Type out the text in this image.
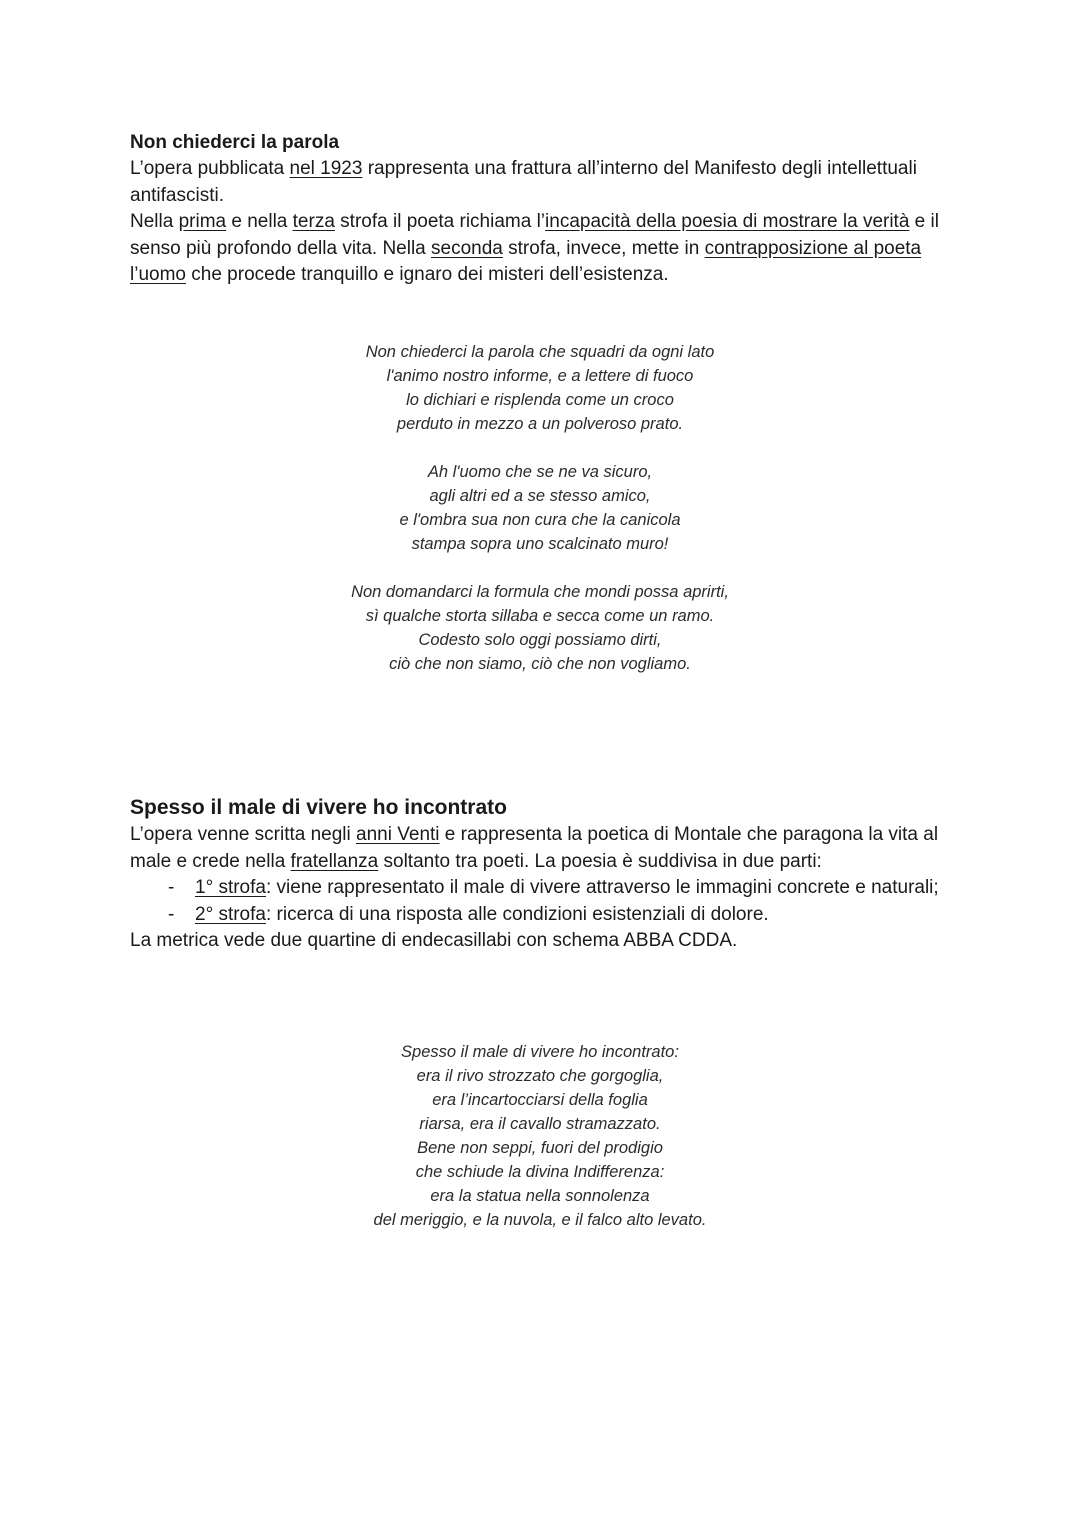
Non chiederci la parola

L’opera pubblicata nel 1923 rappresenta una frattura all’interno del Manifesto degli intellettuali antifascisti.

Nella prima e nella terza strofa il poeta richiama l’incapacità della poesia di mostrare la verità e il senso più profondo della vita. Nella seconda strofa, invece, mette in contrapposizione al poeta l’uomo che procede tranquillo e ignaro dei misteri dell’esistenza.

Non chiederci la parola che squadri da ogni lato
l'animo nostro informe, e a lettere di fuoco
lo dichiari e risplenda come un croco
perduto in mezzo a un polveroso prato.
Ah l'uomo che se ne va sicuro,
agli altri ed a se stesso amico,
e l'ombra sua non cura che la canicola
stampa sopra uno scalcinato muro!
Non domandarci la formula che mondi possa aprirti,
sì qualche storta sillaba e secca come un ramo.
Codesto solo oggi possiamo dirti,
ciò che non siamo, ciò che non vogliamo.
Spesso il male di vivere ho incontrato

L’opera venne scritta negli anni Venti e rappresenta la poetica di Montale che paragona la vita al male e crede nella fratellanza soltanto tra poeti. La poesia è suddivisa in due parti:

- 1° strofa: viene rappresentato il male di vivere attraverso le immagini concrete e naturali;
- 2° strofa: ricerca di una risposta alle condizioni esistenziali di dolore.

La metrica vede due quartine di endecasillabi con schema ABBA CDDA.

Spesso il male di vivere ho incontrato:
era il rivo strozzato che gorgoglia,
era l’incartocciarsi della foglia
riarsa, era il cavallo stramazzato.
Bene non seppi, fuori del prodigio
che schiude la divina Indifferenza:
era la statua nella sonnolenza
del meriggio, e la nuvola, e il falco alto levato.
